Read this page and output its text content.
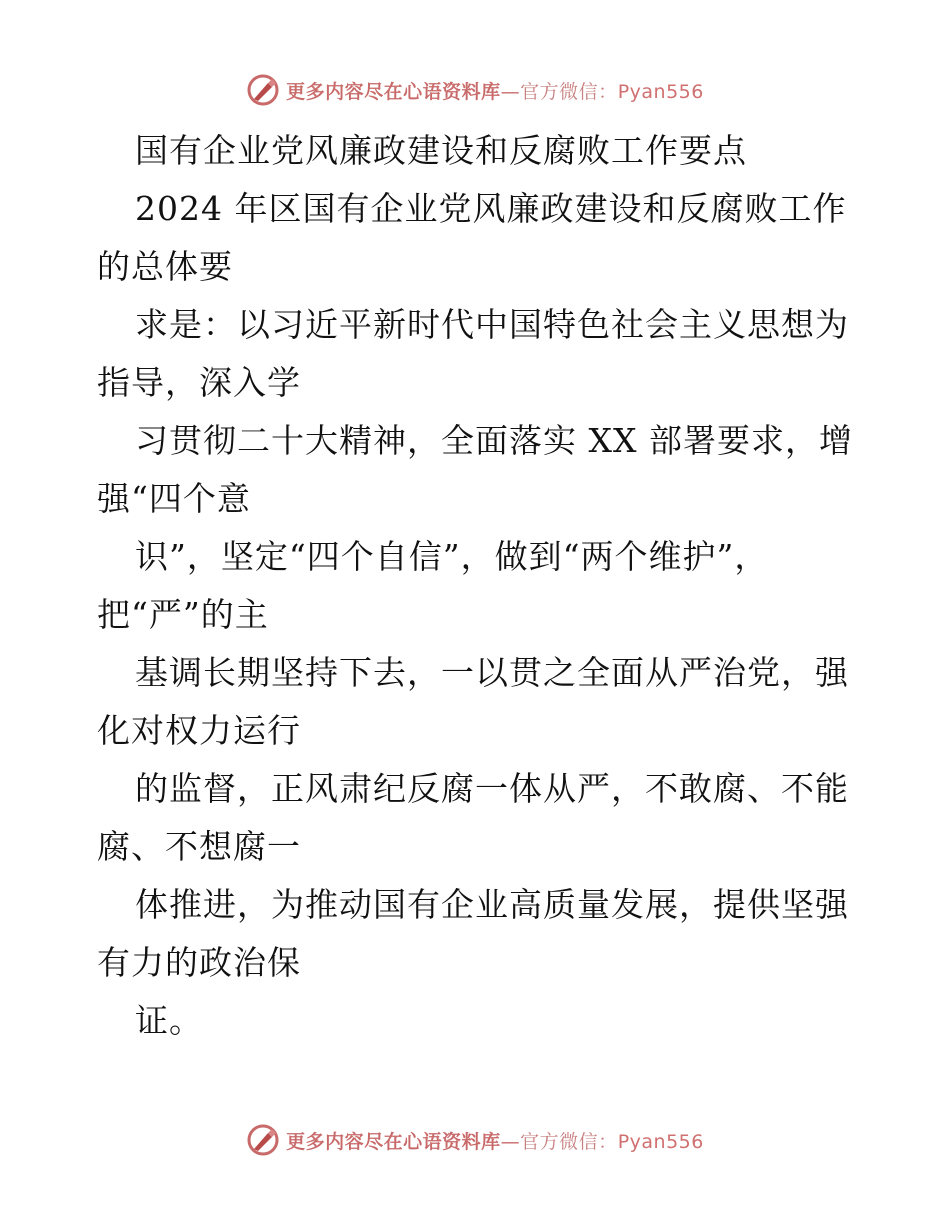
更多内容尽在心语资料库—官方微信：Pyan556
国有企业党风廉政建设和反腐败工作要点
2024 年区国有企业党风廉政建设和反腐败工作
的总体要
求是：以习近平新时代中国特色社会主义思想为
指导，深入学
习贯彻二十大精神，全面落实 XX 部署要求，增
强“四个意
识”，坚定“四个自信”，做到“两个维护”，
把“严”的主
基调长期坚持下去，一以贯之全面从严治党，强
化对权力运行
的监督，正风肃纪反腐一体从严，不敢腐、不能
腐、不想腐一
体推进，为推动国有企业高质量发展，提供坚强
有力的政治保
证。
更多内容尽在心语资料库—官方微信：Pyan556
